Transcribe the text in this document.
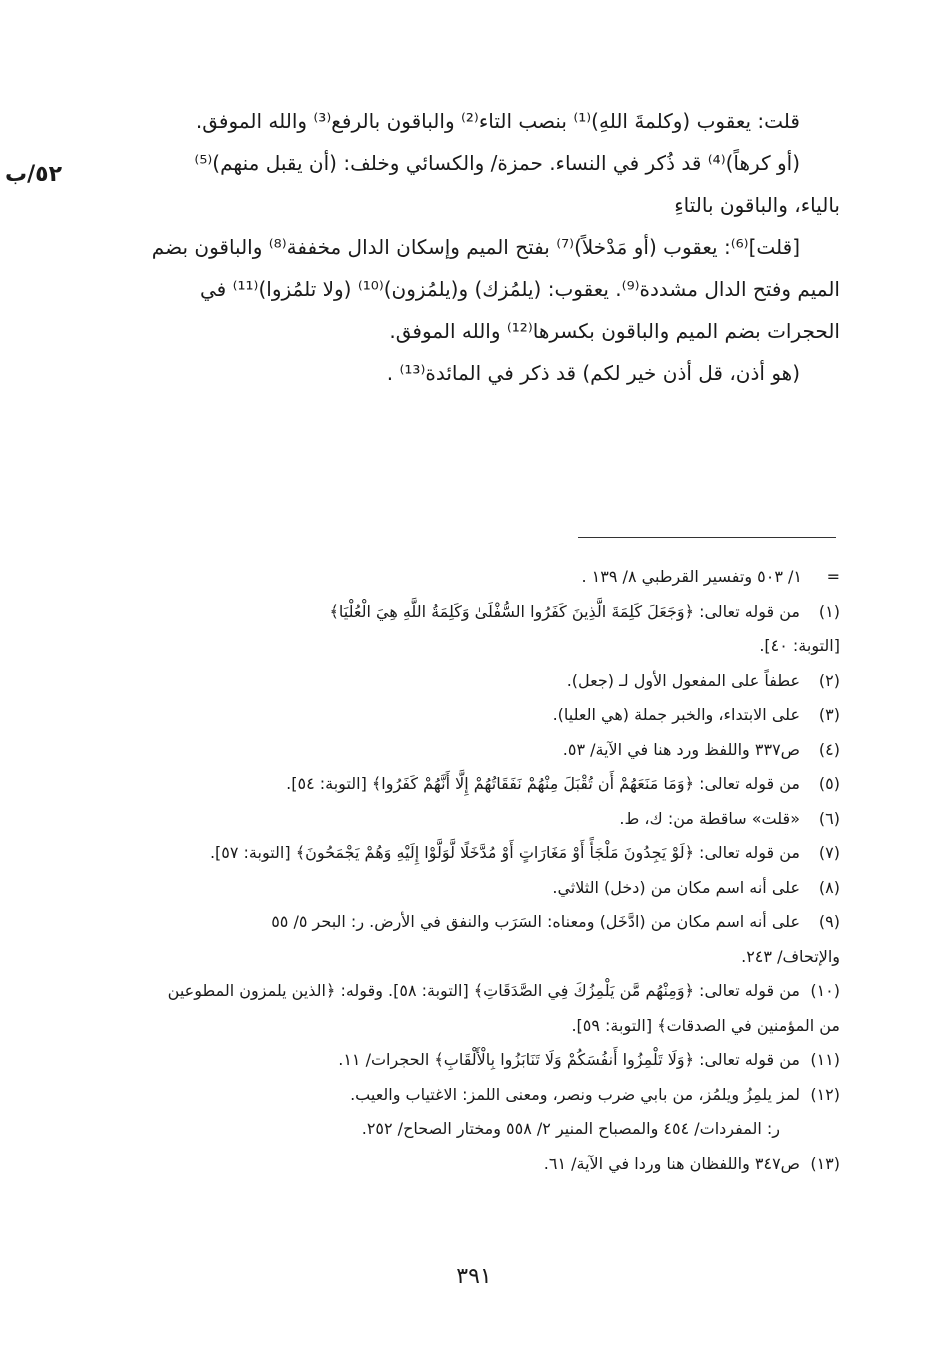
٥٢/ب

قلت: يعقوب (وكلمةَ اللهِ)⁽¹⁾ بنصب التاء⁽²⁾ والباقون بالرفع⁽³⁾ والله الموفق.

(أو كرهاً)⁽⁴⁾ قد ذُكر في النساء. حمزة/ والكسائي وخلف: (أن يقبل منهم)⁽⁵⁾

بالياء، والباقون بالتاءِ

[قلت]⁽⁶⁾: يعقوب (أو مَدْخلاً)⁽⁷⁾ بفتح الميم وإسكان الدال مخففة⁽⁸⁾ والباقون بضم

الميم وفتح الدال مشددة⁽⁹⁾. يعقوب: (يلمُزك) و(يلمُزون)⁽¹⁰⁾ (ولا تلمُزوا)⁽¹¹⁾ في

الحجرات بضم الميم والباقون بكسرها⁽¹²⁾ والله الموفق.

(هو أذن، قل أذن خير لكم) قد ذكر في المائدة⁽¹³⁾ .

=١/ ٥٠٣ وتفسير القرطبي ٨/ ١٣٩ .
(١)من قوله تعالى: ﴿وَجَعَلَ كَلِمَةَ الَّذِينَ كَفَرُوا السُّفْلَىٰ وَكَلِمَةُ اللَّهِ هِيَ الْعُلْيَا﴾
[التوبة: ٤٠].
(٢)عطفاً على المفعول الأول لـ (جعل).
(٣)على الابتداء، والخبر جملة (هي العليا).
(٤)ص٣٣٧ واللفظ ورد هنا في الآية/ ٥٣.
(٥)من قوله تعالى: ﴿وَمَا مَنَعَهُمْ أَن تُقْبَلَ مِنْهُمْ نَفَقَاتُهُمْ إِلَّا أَنَّهُمْ كَفَرُوا﴾ [التوبة: ٥٤].
(٦)«قلت» ساقطة من: ك، ط.
(٧)من قوله تعالى: ﴿لَوْ يَجِدُونَ مَلْجَأً أَوْ مَغَارَاتٍ أَوْ مُدَّخَلًا لَّوَلَّوْا إِلَيْهِ وَهُمْ يَجْمَحُونَ﴾ [التوبة: ٥٧].
(٨)على أنه اسم مكان من (دخل) الثلاثي.
(٩)على أنه اسم مكان من (ادَّخَل) ومعناه: السَرَب والنفق في الأرض. ر: البحر ٥/ ٥٥
والإتحاف/ ٢٤٣.
(١٠)من قوله تعالى: ﴿وَمِنْهُم مَّن يَلْمِزُكَ فِي الصَّدَقَاتِ﴾ [التوبة: ٥٨]. وقوله: ﴿الذين يلمزون المطوعين
من المؤمنين في الصدقات﴾ [التوبة: ٥٩].
(١١)من قوله تعالى: ﴿وَلَا تَلْمِزُوا أَنفُسَكُمْ وَلَا تَنَابَزُوا بِالْأَلْقَابِ﴾ الحجرات/ ١١.
(١٢)لمز يلمِزُ ويلمُز، من بابي ضرب ونصر، ومعنى اللمز: الاغتياب والعيب.
ر: المفردات/ ٤٥٤ والمصباح المنير ٢/ ٥٥٨ ومختار الصحاح/ ٢٥٢.
(١٣)ص٣٤٧ واللفظان هنا وردا في الآية/ ٦١.
٣٩١
